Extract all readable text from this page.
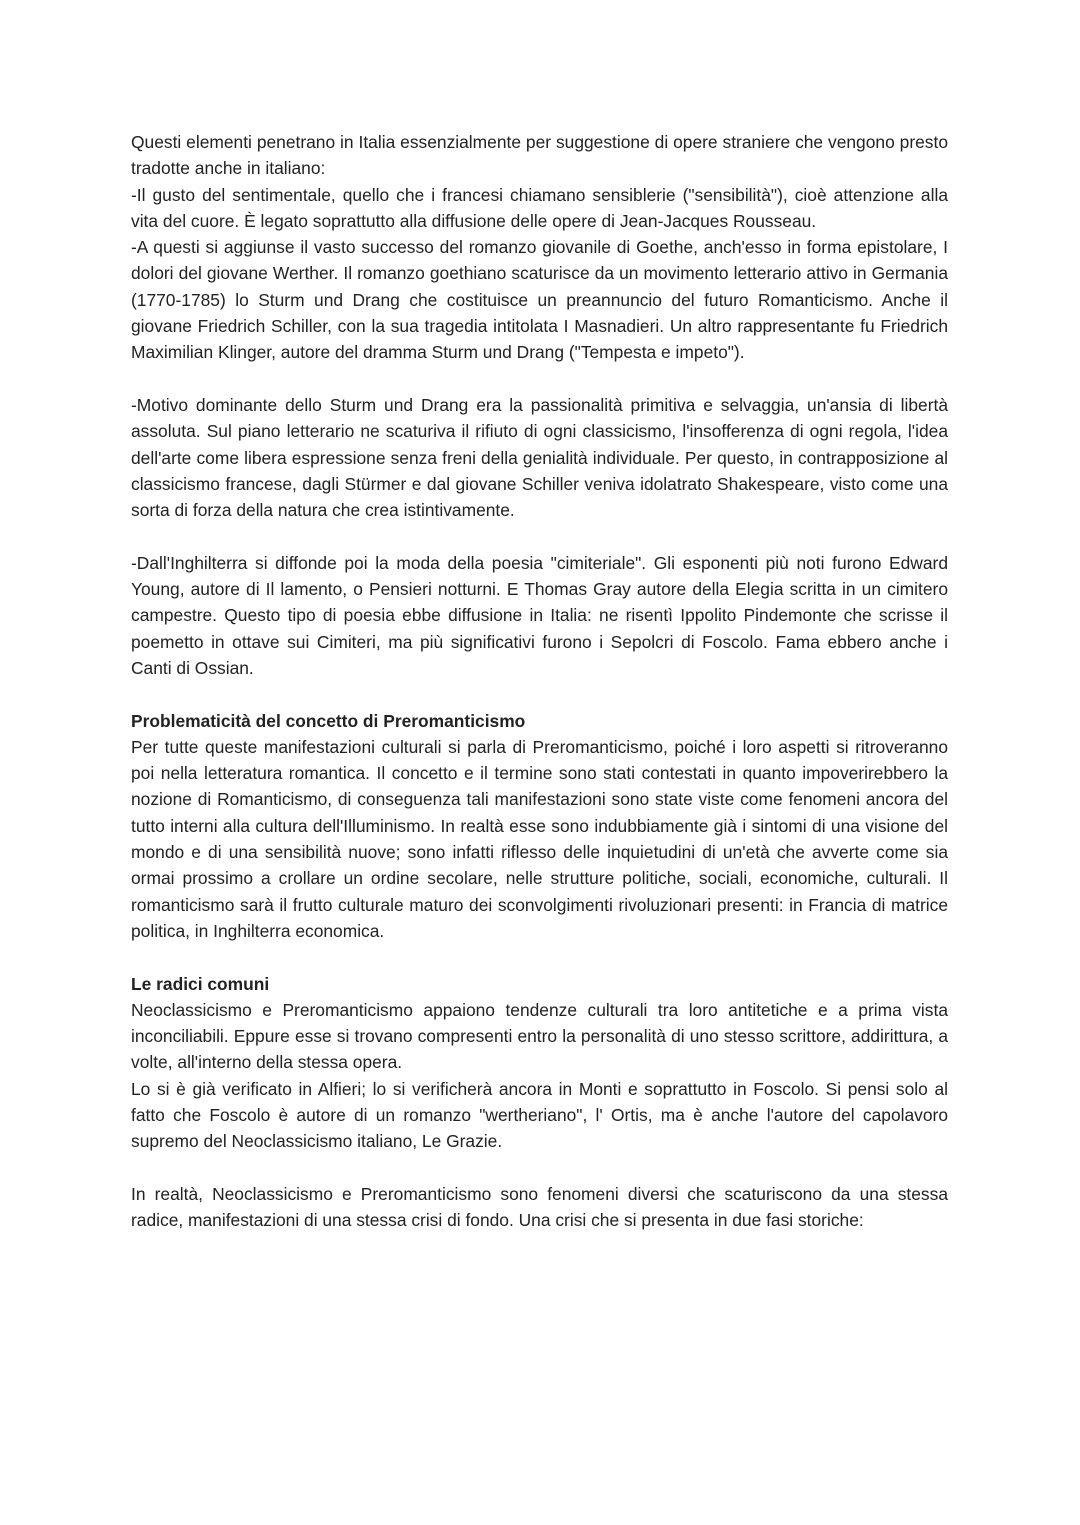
Questi elementi penetrano in Italia essenzialmente per suggestione di opere straniere che vengono presto tradotte anche in italiano:
-Il gusto del sentimentale, quello che i francesi chiamano sensiblerie ("sensibilità"), cioè attenzione alla vita del cuore. È legato soprattutto alla diffusione delle opere di Jean-Jacques Rousseau.
-A questi si aggiunse il vasto successo del romanzo giovanile di Goethe, anch'esso in forma epistolare, I dolori del giovane Werther. Il romanzo goethiano scaturisce da un movimento letterario attivo in Germania (1770-1785) lo Sturm und Drang che costituisce un preannuncio del futuro Romanticismo. Anche il giovane Friedrich Schiller, con la sua tragedia intitolata I Masnadieri. Un altro rappresentante fu Friedrich Maximilian Klinger, autore del dramma Sturm und Drang ("Tempesta e impeto").

-Motivo dominante dello Sturm und Drang era la passionalità primitiva e selvaggia, un'ansia di libertà assoluta. Sul piano letterario ne scaturiva il rifiuto di ogni classicismo, l'insofferenza di ogni regola, l'idea dell'arte come libera espressione senza freni della genialità individuale. Per questo, in contrapposizione al classicismo francese, dagli Stürmer e dal giovane Schiller veniva idolatrato Shakespeare, visto come una sorta di forza della natura che crea istintivamente.

-Dall'Inghilterra si diffonde poi la moda della poesia "cimiteriale". Gli esponenti più noti furono Edward Young, autore di Il lamento, o Pensieri notturni. E Thomas Gray autore della Elegia scritta in un cimitero campestre. Questo tipo di poesia ebbe diffusione in Italia: ne risentì Ippolito Pindemonte che scrisse il poemetto in ottave sui Cimiteri, ma più significativi furono i Sepolcri di Foscolo. Fama ebbero anche i Canti di Ossian.

Problematicità del concetto di Preromanticismo

Per tutte queste manifestazioni culturali si parla di Preromanticismo, poiché i loro aspetti si ritroveranno poi nella letteratura romantica. Il concetto e il termine sono stati contestati in quanto impoverirebbero la nozione di Romanticismo, di conseguenza tali manifestazioni sono state viste come fenomeni ancora del tutto interni alla cultura dell'Illuminismo. In realtà esse sono indubbiamente già i sintomi di una visione del mondo e di una sensibilità nuove; sono infatti riflesso delle inquietudini di un'età che avverte come sia ormai prossimo a crollare un ordine secolare, nelle strutture politiche, sociali, economiche, culturali. Il romanticismo sarà il frutto culturale maturo dei sconvolgimenti rivoluzionari presenti: in Francia di matrice politica, in Inghilterra economica.

Le radici comuni

Neoclassicismo e Preromanticismo appaiono tendenze culturali tra loro antitetiche e a prima vista inconciliabili. Eppure esse si trovano compresenti entro la personalità di uno stesso scrittore, addirittura, a volte, all'interno della stessa opera.
Lo si è già verificato in Alfieri; lo si verificherà ancora in Monti e soprattutto in Foscolo. Si pensi solo al fatto che Foscolo è autore di un romanzo "wertheriano", l' Ortis, ma è anche l'autore del capolavoro supremo del Neoclassicismo italiano, Le Grazie.

In realtà, Neoclassicismo e Preromanticismo sono fenomeni diversi che scaturiscono da una stessa radice, manifestazioni di una stessa crisi di fondo. Una crisi che si presenta in due fasi storiche:
